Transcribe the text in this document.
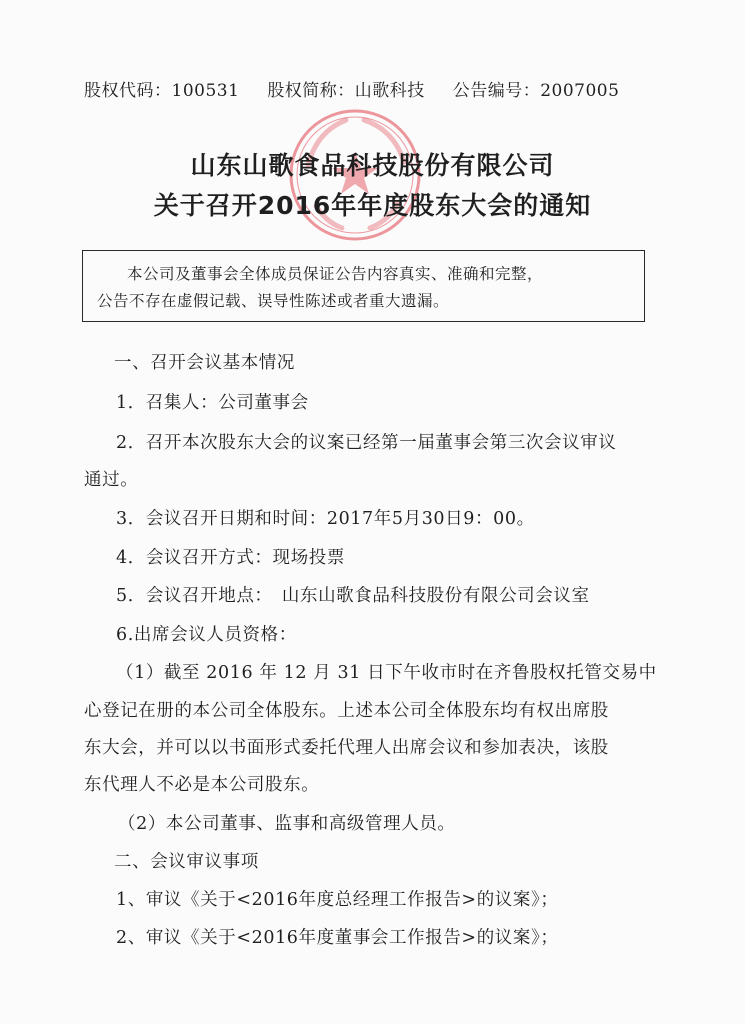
股权代码：100531 股权简称：山歌科技 公告编号：2007005
山东山歌食品科技股份有限公司
关于召开2016年年度股东大会的通知
本公司及董事会全体成员保证公告内容真实、准确和完整，
公告不存在虚假记载、误导性陈述或者重大遗漏。
一、召开会议基本情况
1．召集人：公司董事会
2．召开本次股东大会的议案已经第一届董事会第三次会议审议
通过。
3．会议召开日期和时间：2017年5月30日9：00。
4．会议召开方式：现场投票
5．会议召开地点：　山东山歌食品科技股份有限公司会议室
6.出席会议人员资格：
（1）截至 2016 年 12 月 31 日下午收市时在齐鲁股权托管交易中
心登记在册的本公司全体股东。上述本公司全体股东均有权出席股
东大会，并可以以书面形式委托代理人出席会议和参加表决，该股
东代理人不必是本公司股东。
（2）本公司董事、监事和高级管理人员。
二、会议审议事项
1、审议《关于<2016年度总经理工作报告>的议案》；
2、审议《关于<2016年度董事会工作报告>的议案》；
